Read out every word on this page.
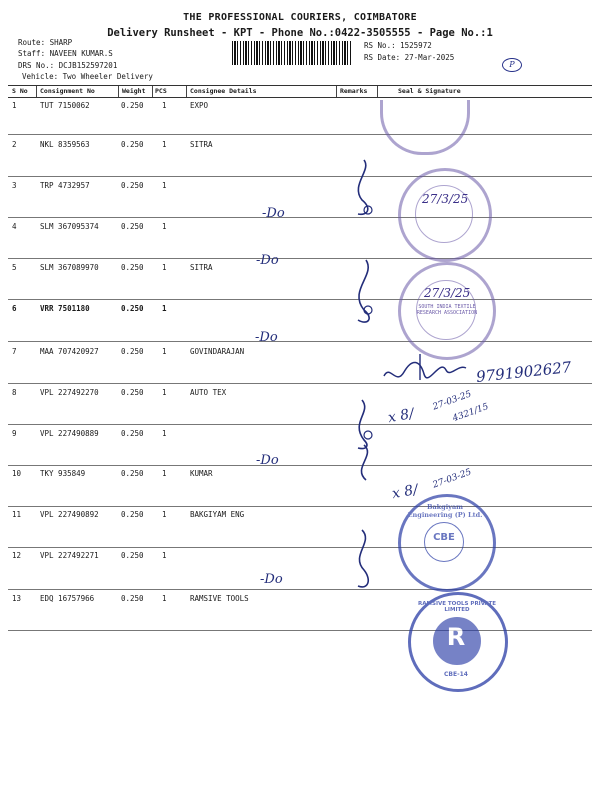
THE PROFESSIONAL COURIERS, COIMBATORE
Delivery Runsheet - KPT - Phone No.:0422-3505555 - Page No.:1
Route: SHARP
Staff: NAVEEN KUMAR.S
DRS No.: DCJB152597201
Vehicle: Two Wheeler Delivery
RS No.: 1525972
RS Date: 27-Mar-2025
P
S No Consignment No	Weight PCS	Consignee Details	Remarks	Seal & Signature
1	TUT 7150062	0.250 1	EXPO
2	NKL 8359563	0.250 1	SITRA
3	TRP 4732957	0.250 1
4	SLM 367095374	0.250 1
5	SLM 367089970	0.250 1	SITRA
6	VRR 7501180	0.250 1
7	MAA 707420927	0.250 1	GOVINDARAJAN
8	VPL 227492270	0.250 1	AUTO TEX
9	VPL 227490889	0.250 1
10	TKY 935849	0.250 1	KUMAR
11	VPL 227490892	0.250 1	BAKGIYAM ENG
12	VPL 227492271	0.250 1
13	EDQ 16757966	0.250 1	RAMSIVE TOOLS
-Do
-Do
-Do
-Do
-Do
27/3/25
27/3/25
SOUTH INDIA TEXTILE RESEARCH ASSOCIATION
9791902627
x 8/
27-03-25
4321/15
x 8/
27-03-25
CBE
Bakgiyam Engineering (P) Ltd.
R
RAMSIVE TOOLS PRIVATE LIMITED
CBE-14
